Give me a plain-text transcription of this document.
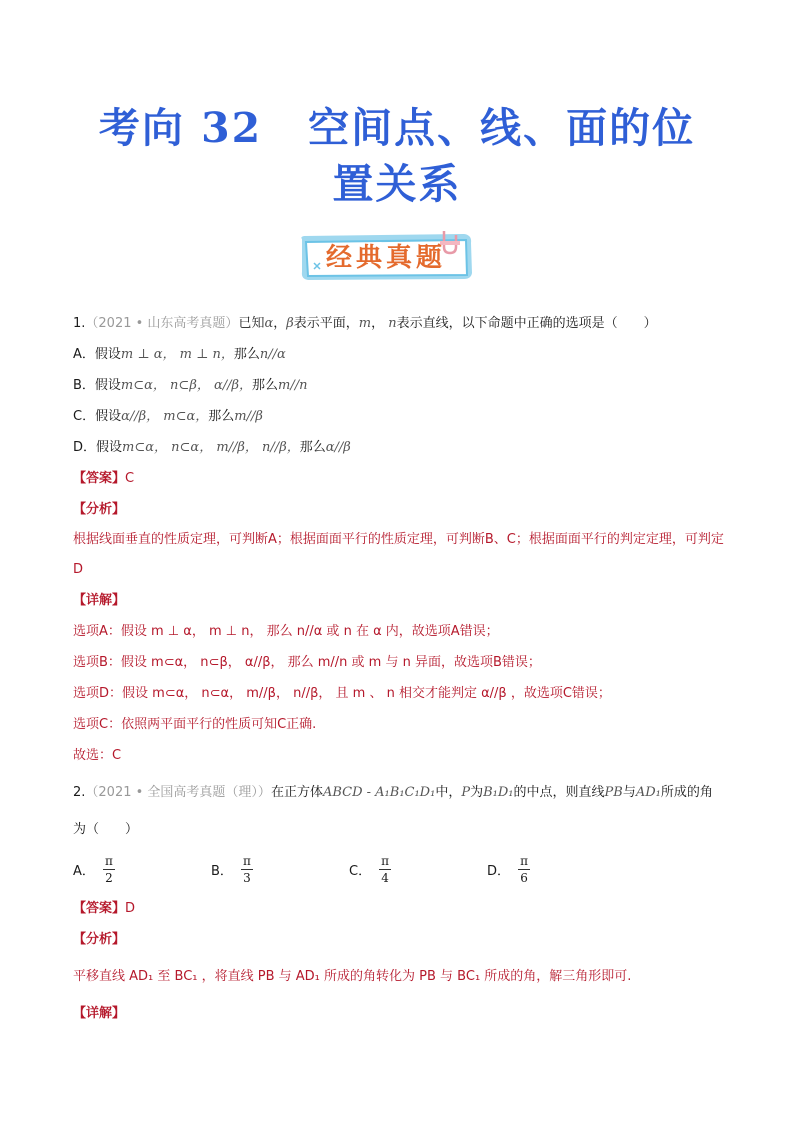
考向 32 空间点、线、面的位
置关系
经典真题
1.（2021 • 山东高考真题）已知α，β表示平面，m， n表示直线，以下命题中正确的选项是（　　）
A．假设m ⊥ α， m ⊥ n，那么n//α
B．假设m⊂α， n⊂β， α//β，那么m//n
C．假设α//β， m⊂α，那么m//β
D．假设m⊂α， n⊂α， m//β， n//β，那么α//β
【答案】C
【分析】
根据线面垂直的性质定理，可判断A；根据面面平行的性质定理，可判断B、C；根据面面平行的判定定理，可判定D
【详解】
选项A：假设 m ⊥ α， m ⊥ n， 那么 n//α 或 n 在 α 内，故选项A错误；
选项B：假设 m⊂α， n⊂β， α//β， 那么 m//n 或 m 与 n 异面，故选项B错误；
选项D：假设 m⊂α， n⊂α， m//β， n//β， 且 m 、 n 相交才能判定 α//β ，故选项C错误；
选项C：依照两平面平行的性质可知C正确.
故选：C
2.（2021 • 全国高考真题（理））在正方体ABCD - A₁B₁C₁D₁中，P为B₁D₁的中点，则直线PB与AD₁所成的角
为（　　）
A． $\frac{\pi}{2}$	B． $\frac{\pi}{3}$	C． $\frac{\pi}{4}$	D． $\frac{\pi}{6}$
【答案】D
【分析】
平移直线 AD₁ 至 BC₁ ，将直线 PB 与 AD₁ 所成的角转化为 PB 与 BC₁ 所成的角，解三角形即可.
【详解】
